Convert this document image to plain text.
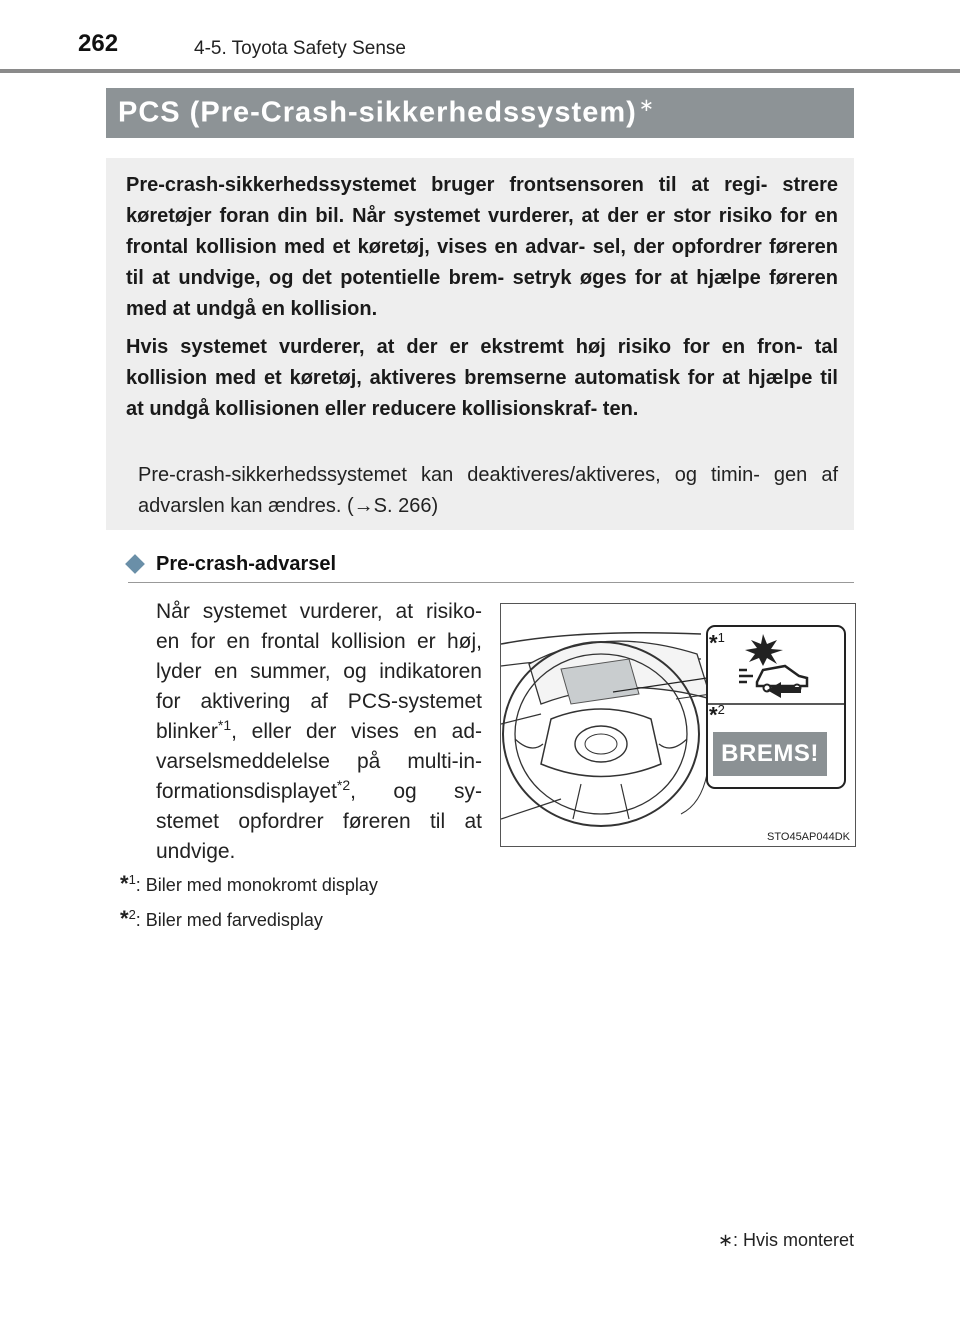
262	4-5. Toyota Safety Sense
PCS (Pre-Crash-sikkerhedssystem) ∗

Pre-crash-sikkerhedssystemet bruger frontsensoren til at regi- strere køretøjer foran din bil. Når systemet vurderer, at der er stor risiko for en frontal kollision med et køretøj, vises en advar- sel, der opfordrer føreren til at undvige, og det potentielle brem- setryk øges for at hjælpe føreren med at undgå en kollision.

Hvis systemet vurderer, at der er ekstremt høj risiko for en fron- tal kollision med et køretøj, aktiveres bremserne automatisk for at hjælpe til at undgå kollisionen eller reducere kollisionskraf- ten.

Pre-crash-sikkerhedssystemet kan deaktiveres/aktiveres, og timin- gen af advarslen kan ændres. (→S. 266)

Pre-crash-advarsel

Når systemet vurderer, at risiko- en for en frontal kollision er høj, lyder en summer, og indikatoren for aktivering af PCS-systemet blinker$^{*1}$, eller der vises en ad- varselsmeddelelse på multi-in- formationsdisplayet$^{*2}$, og sy- stemet opfordrer føreren til at undvige.

*$^1$: Biler med monokromt display
*$^2$: Biler med farvedisplay
*$^1$
*$^2$
BREMS!
STO45AP044DK
∗: Hvis monteret
